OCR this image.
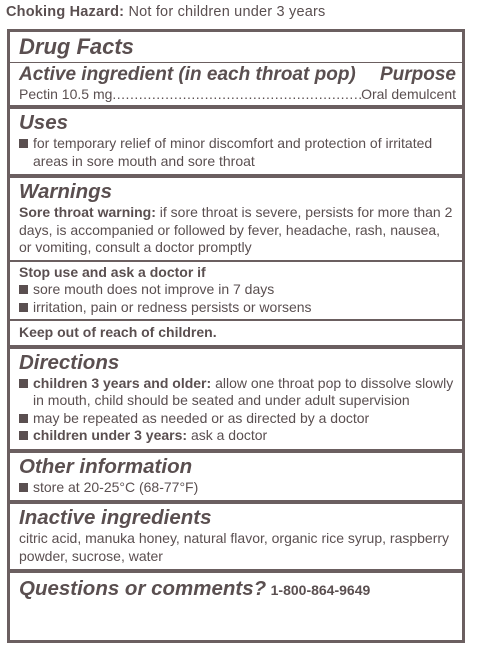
Choking Hazard: Not for children under 3 years
Drug Facts
Active ingredient (in each throat pop) Purpose
Pectin 10.5 mg
.....	Oral demulcent
Uses
for temporary relief of minor discomfort and protection of irritated areas in sore mouth and sore throat
Warnings
Sore throat warning: if sore throat is severe, persists for more than 2 days, is accompanied or followed by fever, headache, rash, nausea, or vomiting, consult a doctor promptly
Stop use and ask a doctor if
sore mouth does not improve in 7 days
irritation, pain or redness persists or worsens
Keep out of reach of children.
Directions
children 3 years and older: allow one throat pop to dissolve slowly in mouth, child should be seated and under adult supervision
may be repeated as needed or as directed by a doctor
children under 3 years: ask a doctor
Other information
store at 20-25°C (68-77°F)
Inactive ingredients
citric acid, manuka honey, natural flavor, organic rice syrup, raspberry powder, sucrose, water
Questions or comments? 1-800-864-9649
